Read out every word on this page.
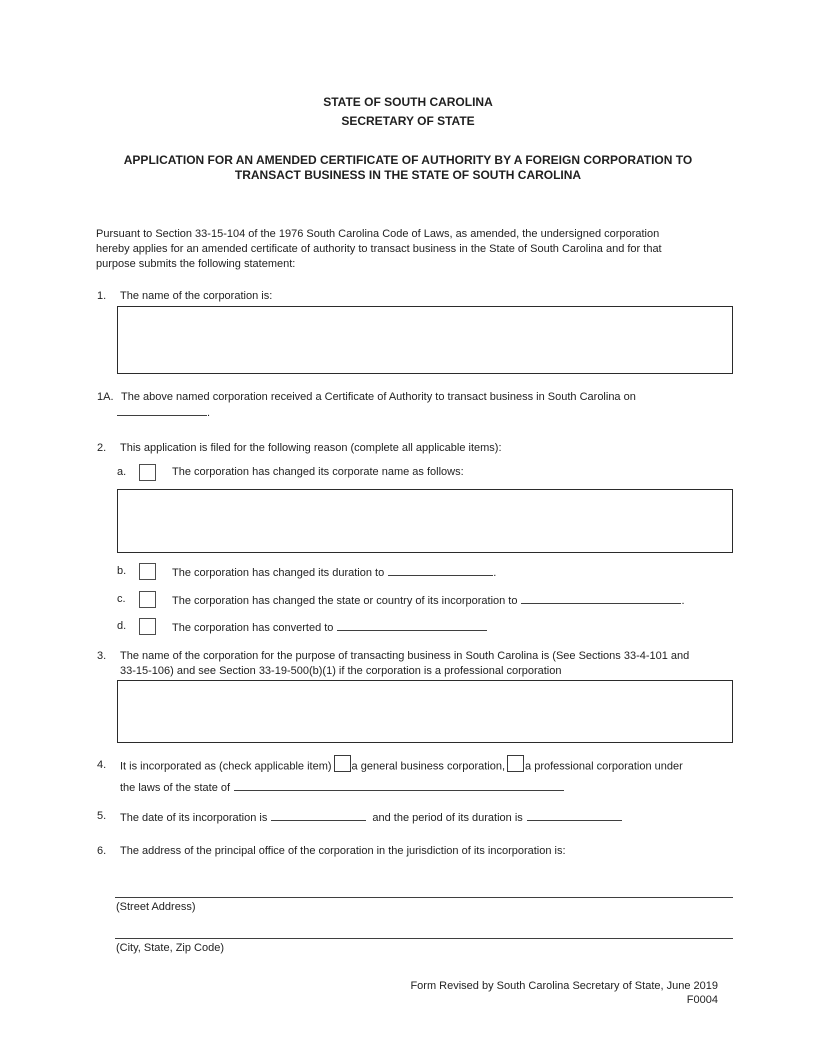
STATE OF SOUTH CAROLINA
SECRETARY OF STATE
APPLICATION FOR AN AMENDED CERTIFICATE OF AUTHORITY BY A FOREIGN CORPORATION TO
TRANSACT BUSINESS IN THE STATE OF SOUTH CAROLINA
Pursuant to Section 33-15-104 of the 1976 South Carolina Code of Laws, as amended, the undersigned corporation
hereby applies for an amended certificate of authority to transact business in the State of South Carolina and for that
purpose submits the following statement:
1.	The name of the corporation is:
1A. The above named corporation received a Certificate of Authority to transact business in South Carolina on
.
2.	This application is filed for the following reason (complete all applicable items):
a.	The corporation has changed its corporate name as follows:
b.	The corporation has changed its duration to	.
c.	The corporation has changed the state or country of its incorporation to	.
d.	The corporation has converted to
3.	The name of the corporation for the purpose of transacting business in South Carolina is (See Sections 33-4-101 and
33-15-106) and see Section 33-19-500(b)(1) if the corporation is a professional corporation
4.	It is incorporated as (check applicable item) a general business corporation, a professional corporation under
the laws of the state of
5.	The date of its incorporation is	and the period of its duration is
6.	The address of the principal office of the corporation in the jurisdiction of its incorporation is:
(Street Address)
(City, State, Zip Code)
Form Revised by South Carolina Secretary of State, June 2019
F0004
